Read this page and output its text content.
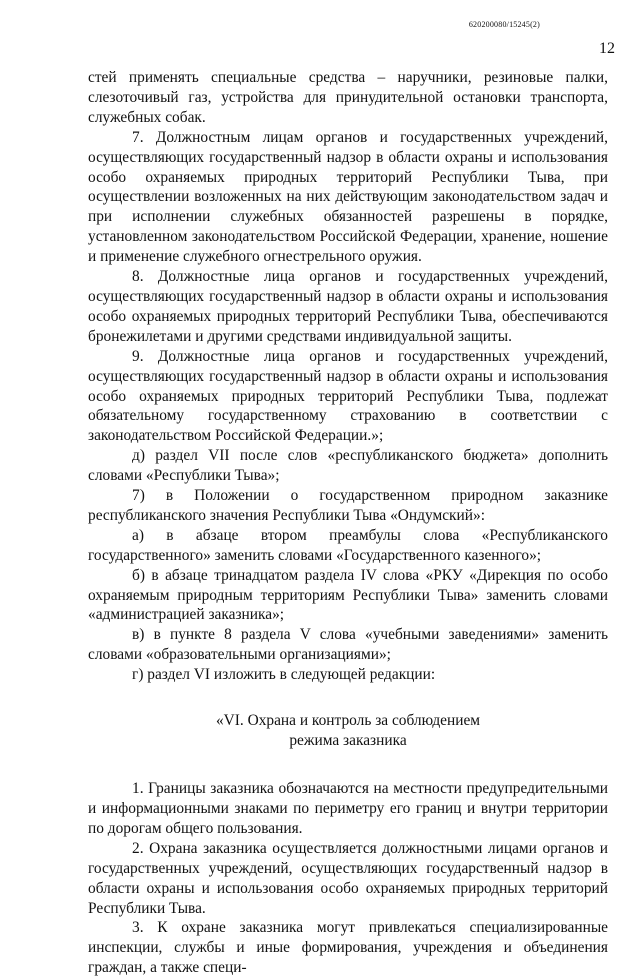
620200080/15245(2)
12

стей применять специальные средства – наручники, резиновые палки, слезоточивый газ, устройства для принудительной остановки транспорта, служебных собак.

7. Должностным лицам органов и государственных учреждений, осуществляющих государственный надзор в области охраны и использования особо охраняемых природных территорий Республики Тыва, при осуществлении возложенных на них действующим законодательством задач и при исполнении служебных обязанностей разрешены в порядке, установленном законодательством Российской Федерации, хранение, ношение и применение служебного огнестрельного оружия.

8. Должностные лица органов и государственных учреждений, осуществляющих государственный надзор в области охраны и использования особо охраняемых природных территорий Республики Тыва, обеспечиваются бронежилетами и другими средствами индивидуальной защиты.

9. Должностные лица органов и государственных учреждений, осуществляющих государственный надзор в области охраны и использования особо охраняемых природных территорий Республики Тыва, подлежат обязательному государственному страхованию в соответствии с законодательством Российской Федерации.»;

д) раздел VII после слов «республиканского бюджета» дополнить словами «Республики Тыва»;

7) в Положении о государственном природном заказнике республиканского значения Республики Тыва «Ондумский»:

а) в абзаце втором преамбулы слова «Республиканского государственного» заменить словами «Государственного казенного»;

б) в абзаце тринадцатом раздела IV слова «РКУ «Дирекция по особо охраняемым природным территориям Республики Тыва» заменить словами «администрацией заказника»;

в) в пункте 8 раздела V слова «учебными заведениями» заменить словами «образовательными организациями»;

г) раздел VI изложить в следующей редакции:

«VI. Охрана и контроль за соблюдением
режима заказника

1. Границы заказника обозначаются на местности предупредительными и информационными знаками по периметру его границ и внутри территории по дорогам общего пользования.

2. Охрана заказника осуществляется должностными лицами органов и государственных учреждений, осуществляющих государственный надзор в области охраны и использования особо охраняемых природных территорий Республики Тыва.

3. К охране заказника могут привлекаться специализированные инспекции, службы и иные формирования, учреждения и объединения граждан, а также специ-
